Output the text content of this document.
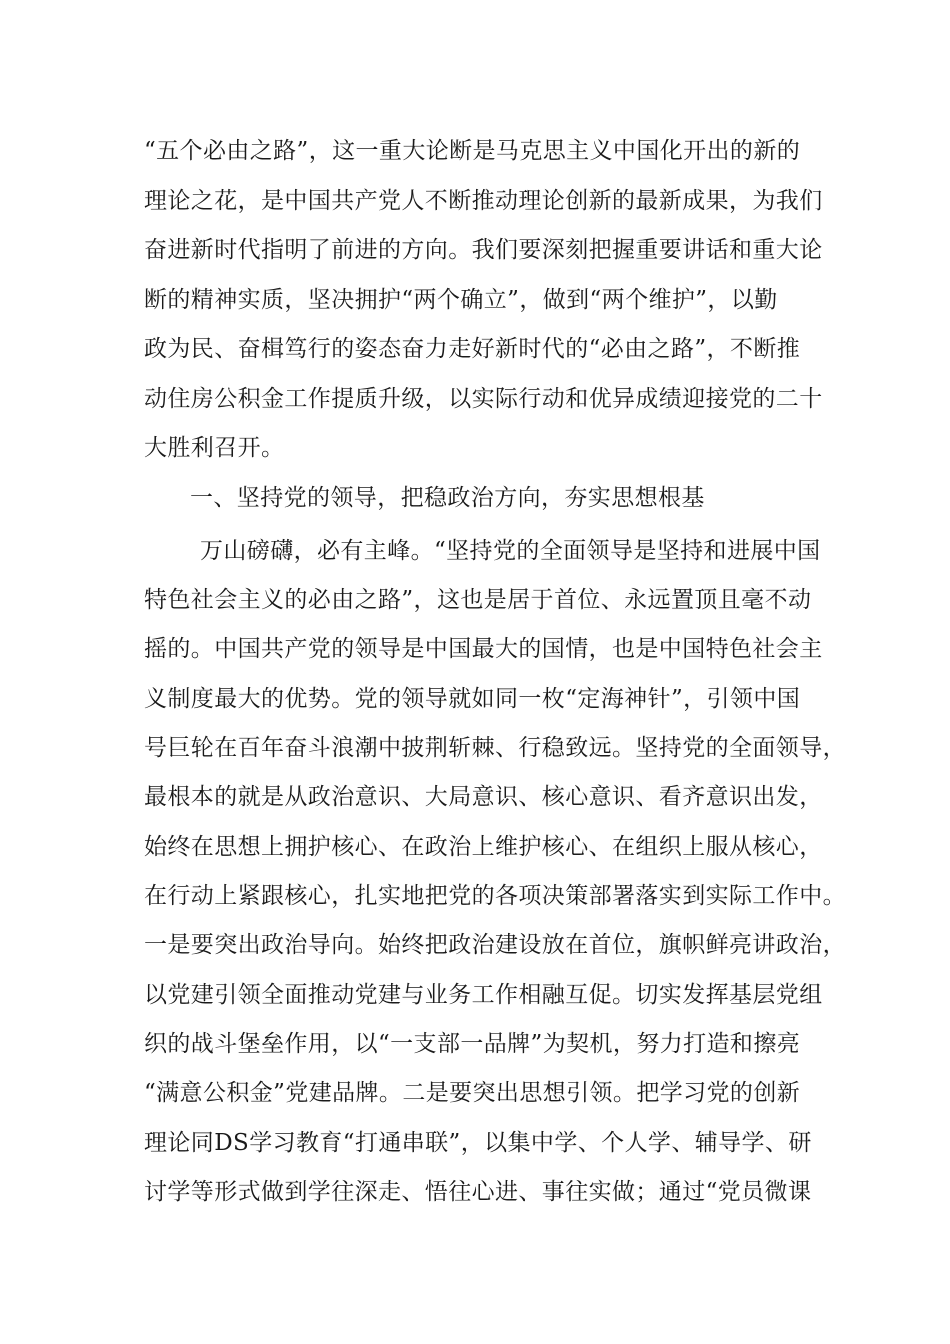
“五个必由之路”，这一重大论断是马克思主义中国化开出的新的
理论之花，是中国共产党人不断推动理论创新的最新成果，为我们
奋进新时代指明了前进的方向。我们要深刻把握重要讲话和重大论
断的精神实质，坚决拥护“两个确立”，做到“两个维护”，以勤
政为民、奋楫笃行的姿态奋力走好新时代的“必由之路”，不断推
动住房公积金工作提质升级，以实际行动和优异成绩迎接党的二十
大胜利召开。
一、坚持党的领导，把稳政治方向，夯实思想根基
万山磅礴，必有主峰。“坚持党的全面领导是坚持和进展中国
特色社会主义的必由之路”，这也是居于首位、永远置顶且毫不动
摇的。中国共产党的领导是中国最大的国情，也是中国特色社会主
义制度最大的优势。党的领导就如同一枚“定海神针”，引领中国
号巨轮在百年奋斗浪潮中披荆斩棘、行稳致远。坚持党的全面领导，
最根本的就是从政治意识、大局意识、核心意识、看齐意识出发，
始终在思想上拥护核心、在政治上维护核心、在组织上服从核心，
在行动上紧跟核心，扎实地把党的各项决策部署落实到实际工作中。
一是要突出政治导向。始终把政治建设放在首位，旗帜鲜亮讲政治，
以党建引领全面推动党建与业务工作相融互促。切实发挥基层党组
织的战斗堡垒作用，以“一支部一品牌”为契机，努力打造和擦亮
“满意公积金”党建品牌。二是要突出思想引领。把学习党的创新
理论同DS学习教育“打通串联”，以集中学、个人学、辅导学、研
讨学等形式做到学往深走、悟往心进、事往实做；通过“党员微课
